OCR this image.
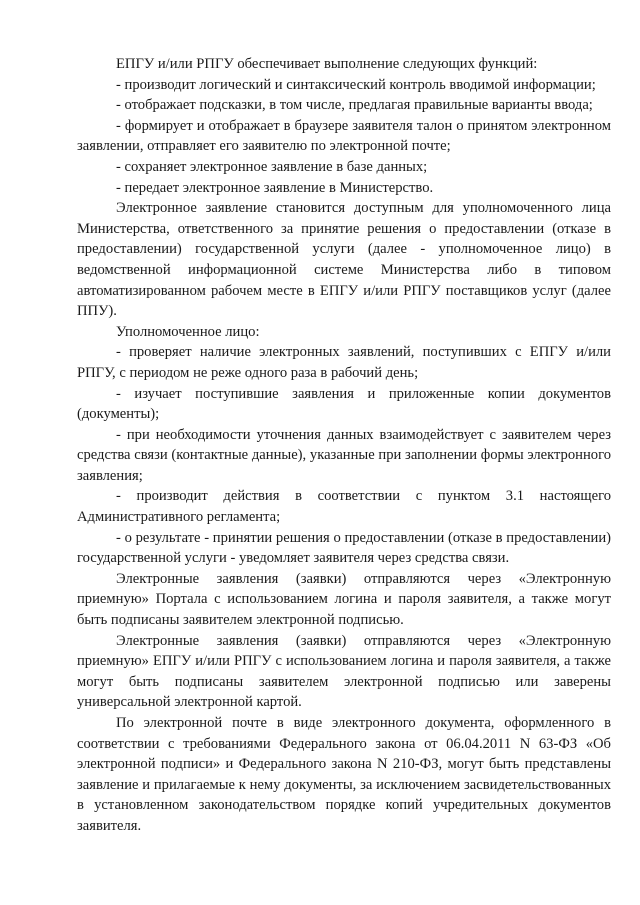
ЕПГУ и/или РПГУ обеспечивает выполнение следующих функций:

- производит логический и синтаксический контроль вводимой информации;

- отображает подсказки, в том числе, предлагая правильные варианты ввода;

- формирует и отображает в браузере заявителя талон о принятом электронном заявлении, отправляет его заявителю по электронной почте;

- сохраняет электронное заявление в базе данных;

- передает электронное заявление в Министерство.

Электронное заявление становится доступным для уполномоченного лица Министерства, ответственного за принятие решения о предоставлении (отказе в предоставлении) государственной услуги (далее - уполномоченное лицо) в ведомственной информационной системе Министерства либо в типовом автоматизированном рабочем месте в ЕПГУ и/или РПГУ поставщиков услуг (далее ППУ).

Уполномоченное лицо:

- проверяет наличие электронных заявлений, поступивших с ЕПГУ и/или РПГУ, с периодом не реже одного раза в рабочий день;

- изучает поступившие заявления и приложенные копии документов (документы);

- при необходимости уточнения данных взаимодействует с заявителем через средства связи (контактные данные), указанные при заполнении формы электронного заявления;

- производит действия в соответствии с пунктом 3.1 настоящего Административного регламента;

- о результате - принятии решения о предоставлении (отказе в предоставлении) государственной услуги - уведомляет заявителя через средства связи.

Электронные заявления (заявки) отправляются через «Электронную приемную» Портала с использованием логина и пароля заявителя, а также могут быть подписаны заявителем электронной подписью.

Электронные заявления (заявки) отправляются через «Электронную приемную» ЕПГУ и/или РПГУ с использованием логина и пароля заявителя, а также могут быть подписаны заявителем электронной подписью или заверены универсальной электронной картой.

По электронной почте в виде электронного документа, оформленного в соответствии с требованиями Федерального закона от 06.04.2011 N 63-ФЗ «Об электронной подписи» и Федерального закона N 210-ФЗ, могут быть представлены заявление и прилагаемые к нему документы, за исключением засвидетельствованных в установленном законодательством порядке копий учредительных документов заявителя.
